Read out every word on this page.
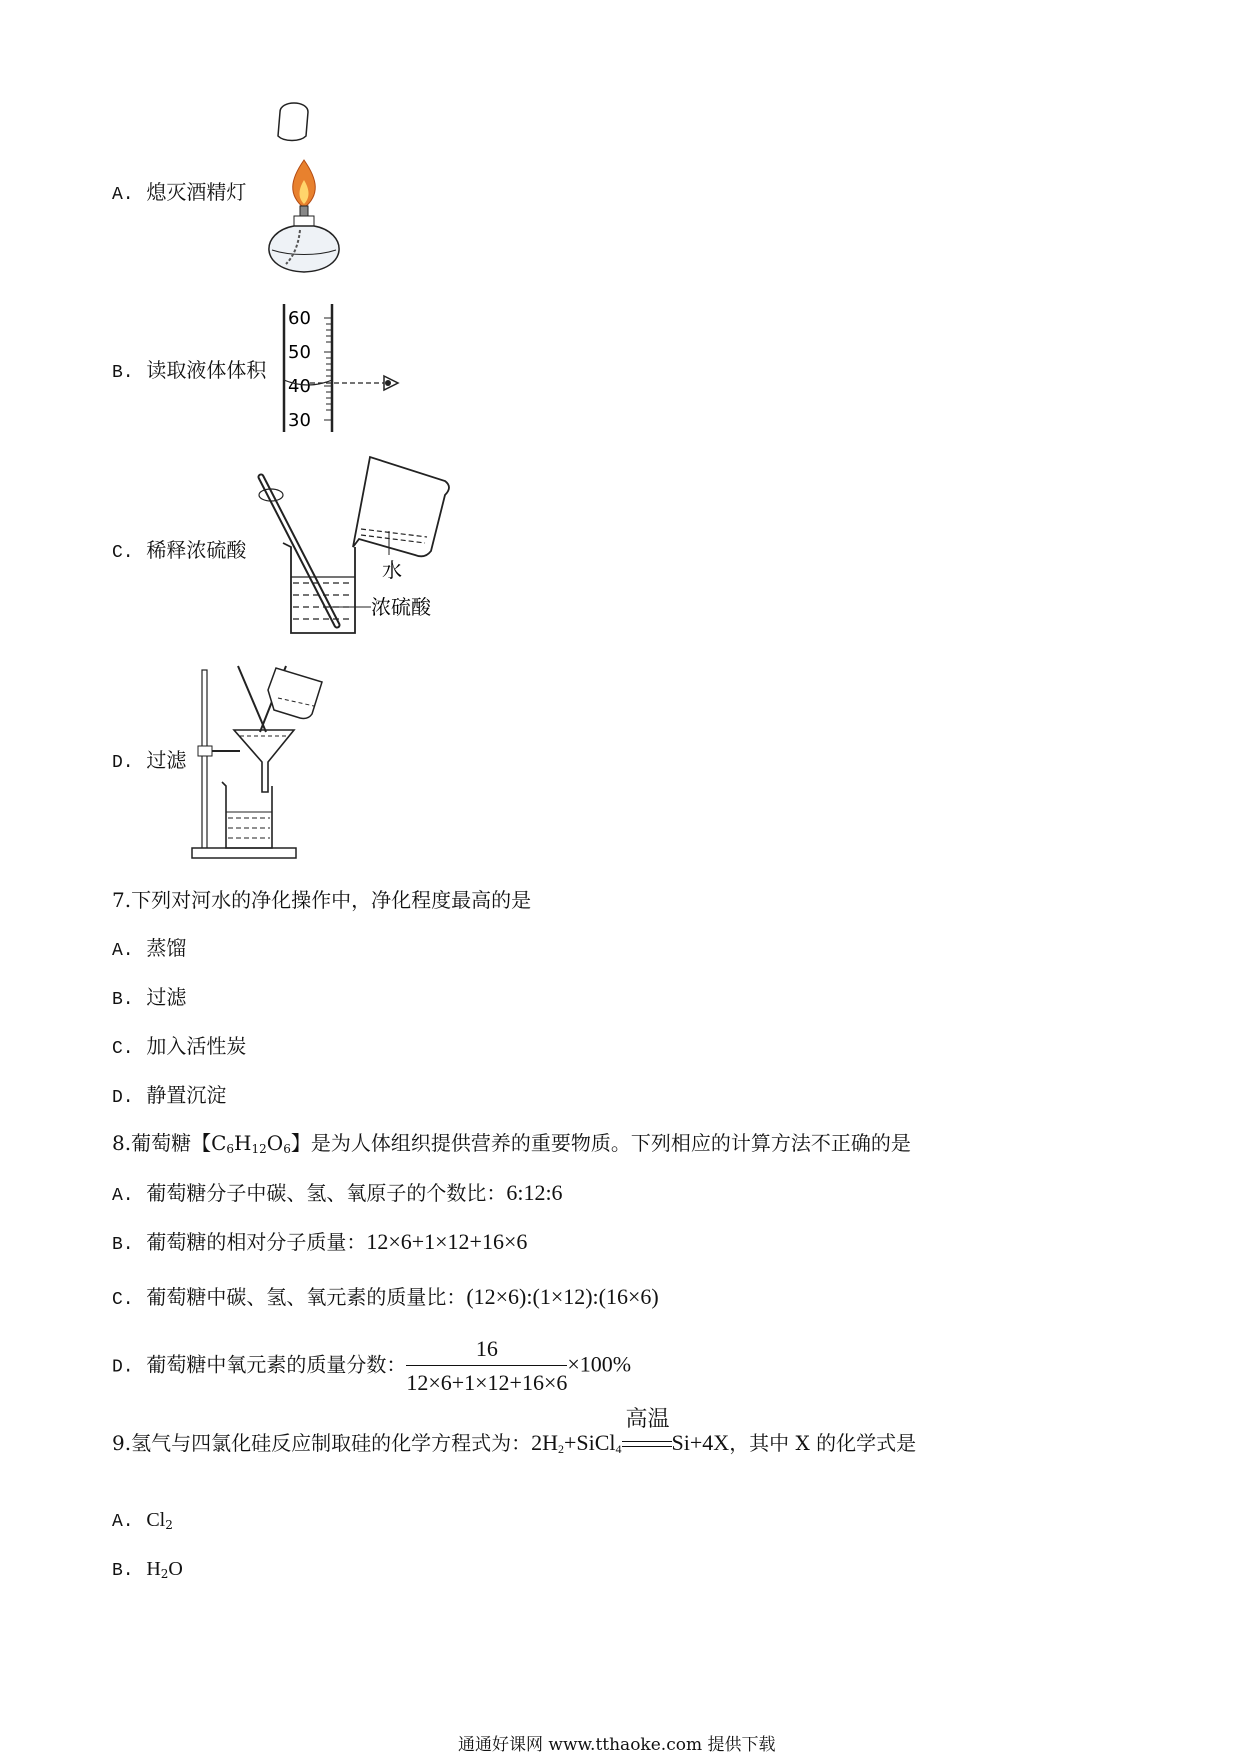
A. 熄灭酒精灯
B. 读取液体体积
60
50
40
30
C. 稀释浓硫酸
水
浓硫酸
D. 过滤
7.下列对河水的净化操作中，净化程度最高的是
A. 蒸馏
B. 过滤
C. 加入活性炭
D. 静置沉淀
8.葡萄糖【$C_6H_{12}O_6$】是为人体组织提供营养的重要物质。下列相应的计算方法不正确的是
A. 葡萄糖分子中碳、氢、氧原子的个数比：6:12:6
B. 葡萄糖的相对分子质量：12×6+1×12+16×6
C. 葡萄糖中碳、氢、氧元素的质量比：(12×6):(1×12):(16×6)
D. 葡萄糖中氧元素的质量分数： $\frac{16}{12\times 6+1\times 12+16\times 6} \times 100\%$
9.氢气与四氯化硅反应制取硅的化学方程式为：$2H_2+SiCl_4$
高温
Si+4X，其中 X 的化学式是
A. $Cl_2$
B. $H_2O$
通通好课网 www.tthaoke.com 提供下载
